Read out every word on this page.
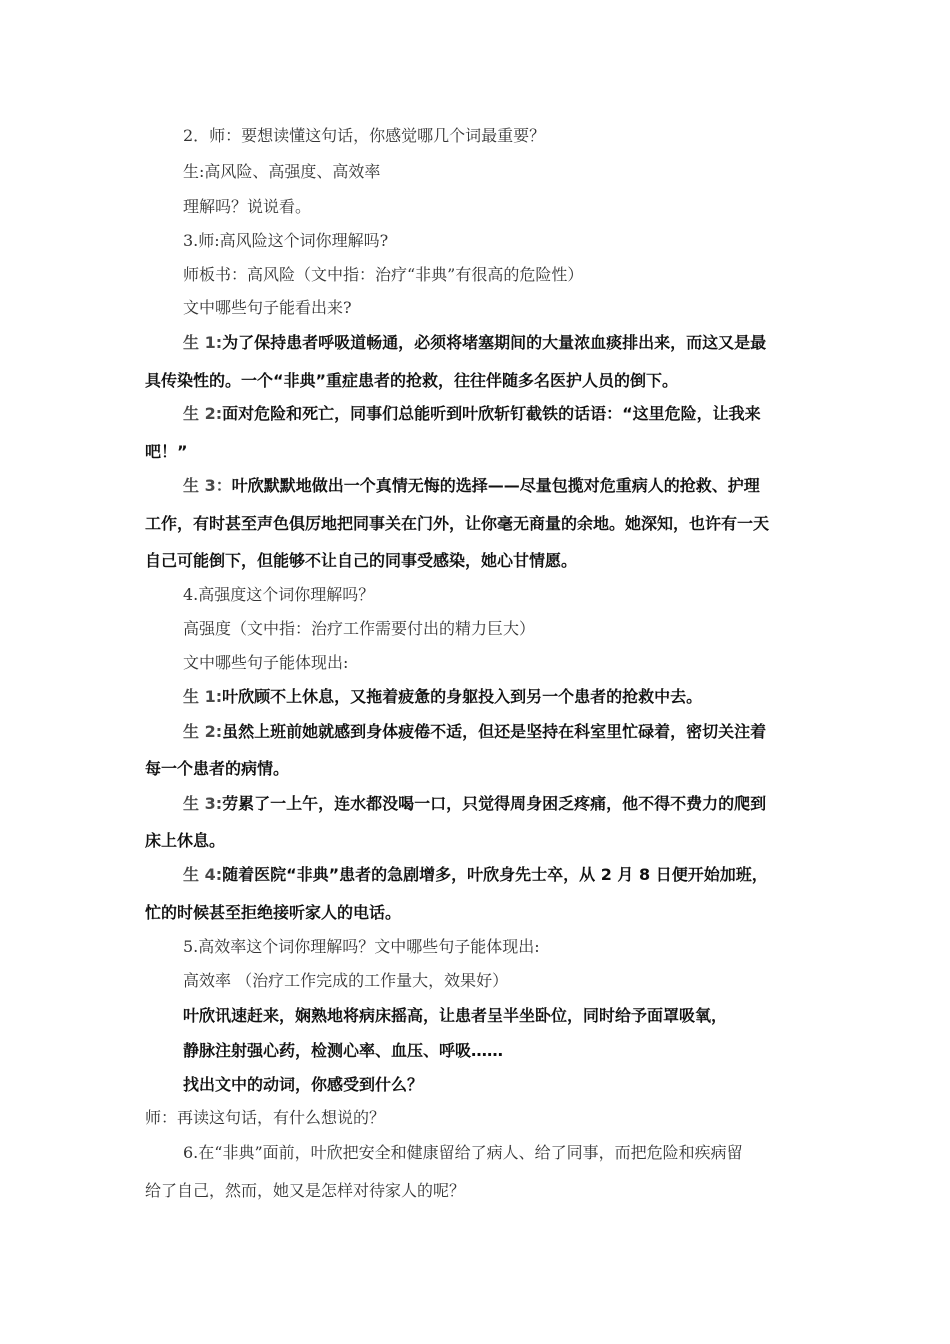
2．师：要想读懂这句话，你感觉哪几个词最重要？
生:高风险、高强度、高效率
理解吗？说说看。
3.师:高风险这个词你理解吗?
师板书：高风险（文中指：治疗“非典”有很高的危险性）
文中哪些句子能看出来?
生 1:为了保持患者呼吸道畅通，必须将堵塞期间的大量浓血痰排出来，而这又是最
具传染性的。一个“非典”重症患者的抢救，往往伴随多名医护人员的倒下。
生 2:面对危险和死亡，同事们总能听到叶欣斩钉截铁的话语：“这里危险，让我来
吧！”
生 3：叶欣默默地做出一个真情无悔的选择——尽量包揽对危重病人的抢救、护理
工作，有时甚至声色俱厉地把同事关在门外，让你毫无商量的余地。她深知，也许有一天
自己可能倒下，但能够不让自己的同事受感染，她心甘情愿。
4.高强度这个词你理解吗？
高强度（文中指：治疗工作需要付出的精力巨大）
文中哪些句子能体现出:
生 1:叶欣顾不上休息，又拖着疲惫的身躯投入到另一个患者的抢救中去。
生 2:虽然上班前她就感到身体疲倦不适，但还是坚持在科室里忙碌着，密切关注着
每一个患者的病情。
生 3:劳累了一上午，连水都没喝一口，只觉得周身困乏疼痛，他不得不费力的爬到
床上休息。
生 4:随着医院“非典”患者的急剧增多，叶欣身先士卒，从 2 月 8 日便开始加班，
忙的时候甚至拒绝接听家人的电话。
5.高效率这个词你理解吗？文中哪些句子能体现出:
高效率 （治疗工作完成的工作量大，效果好）
叶欣讯速赶来，娴熟地将病床摇高，让患者呈半坐卧位，同时给予面罩吸氧，
静脉注射强心药，检测心率、血压、呼吸……
找出文中的动词，你感受到什么？
师：再读这句话，有什么想说的？
6.在“非典”面前，叶欣把安全和健康留给了病人、给了同事，而把危险和疾病留
给了自己，然而，她又是怎样对待家人的呢？
